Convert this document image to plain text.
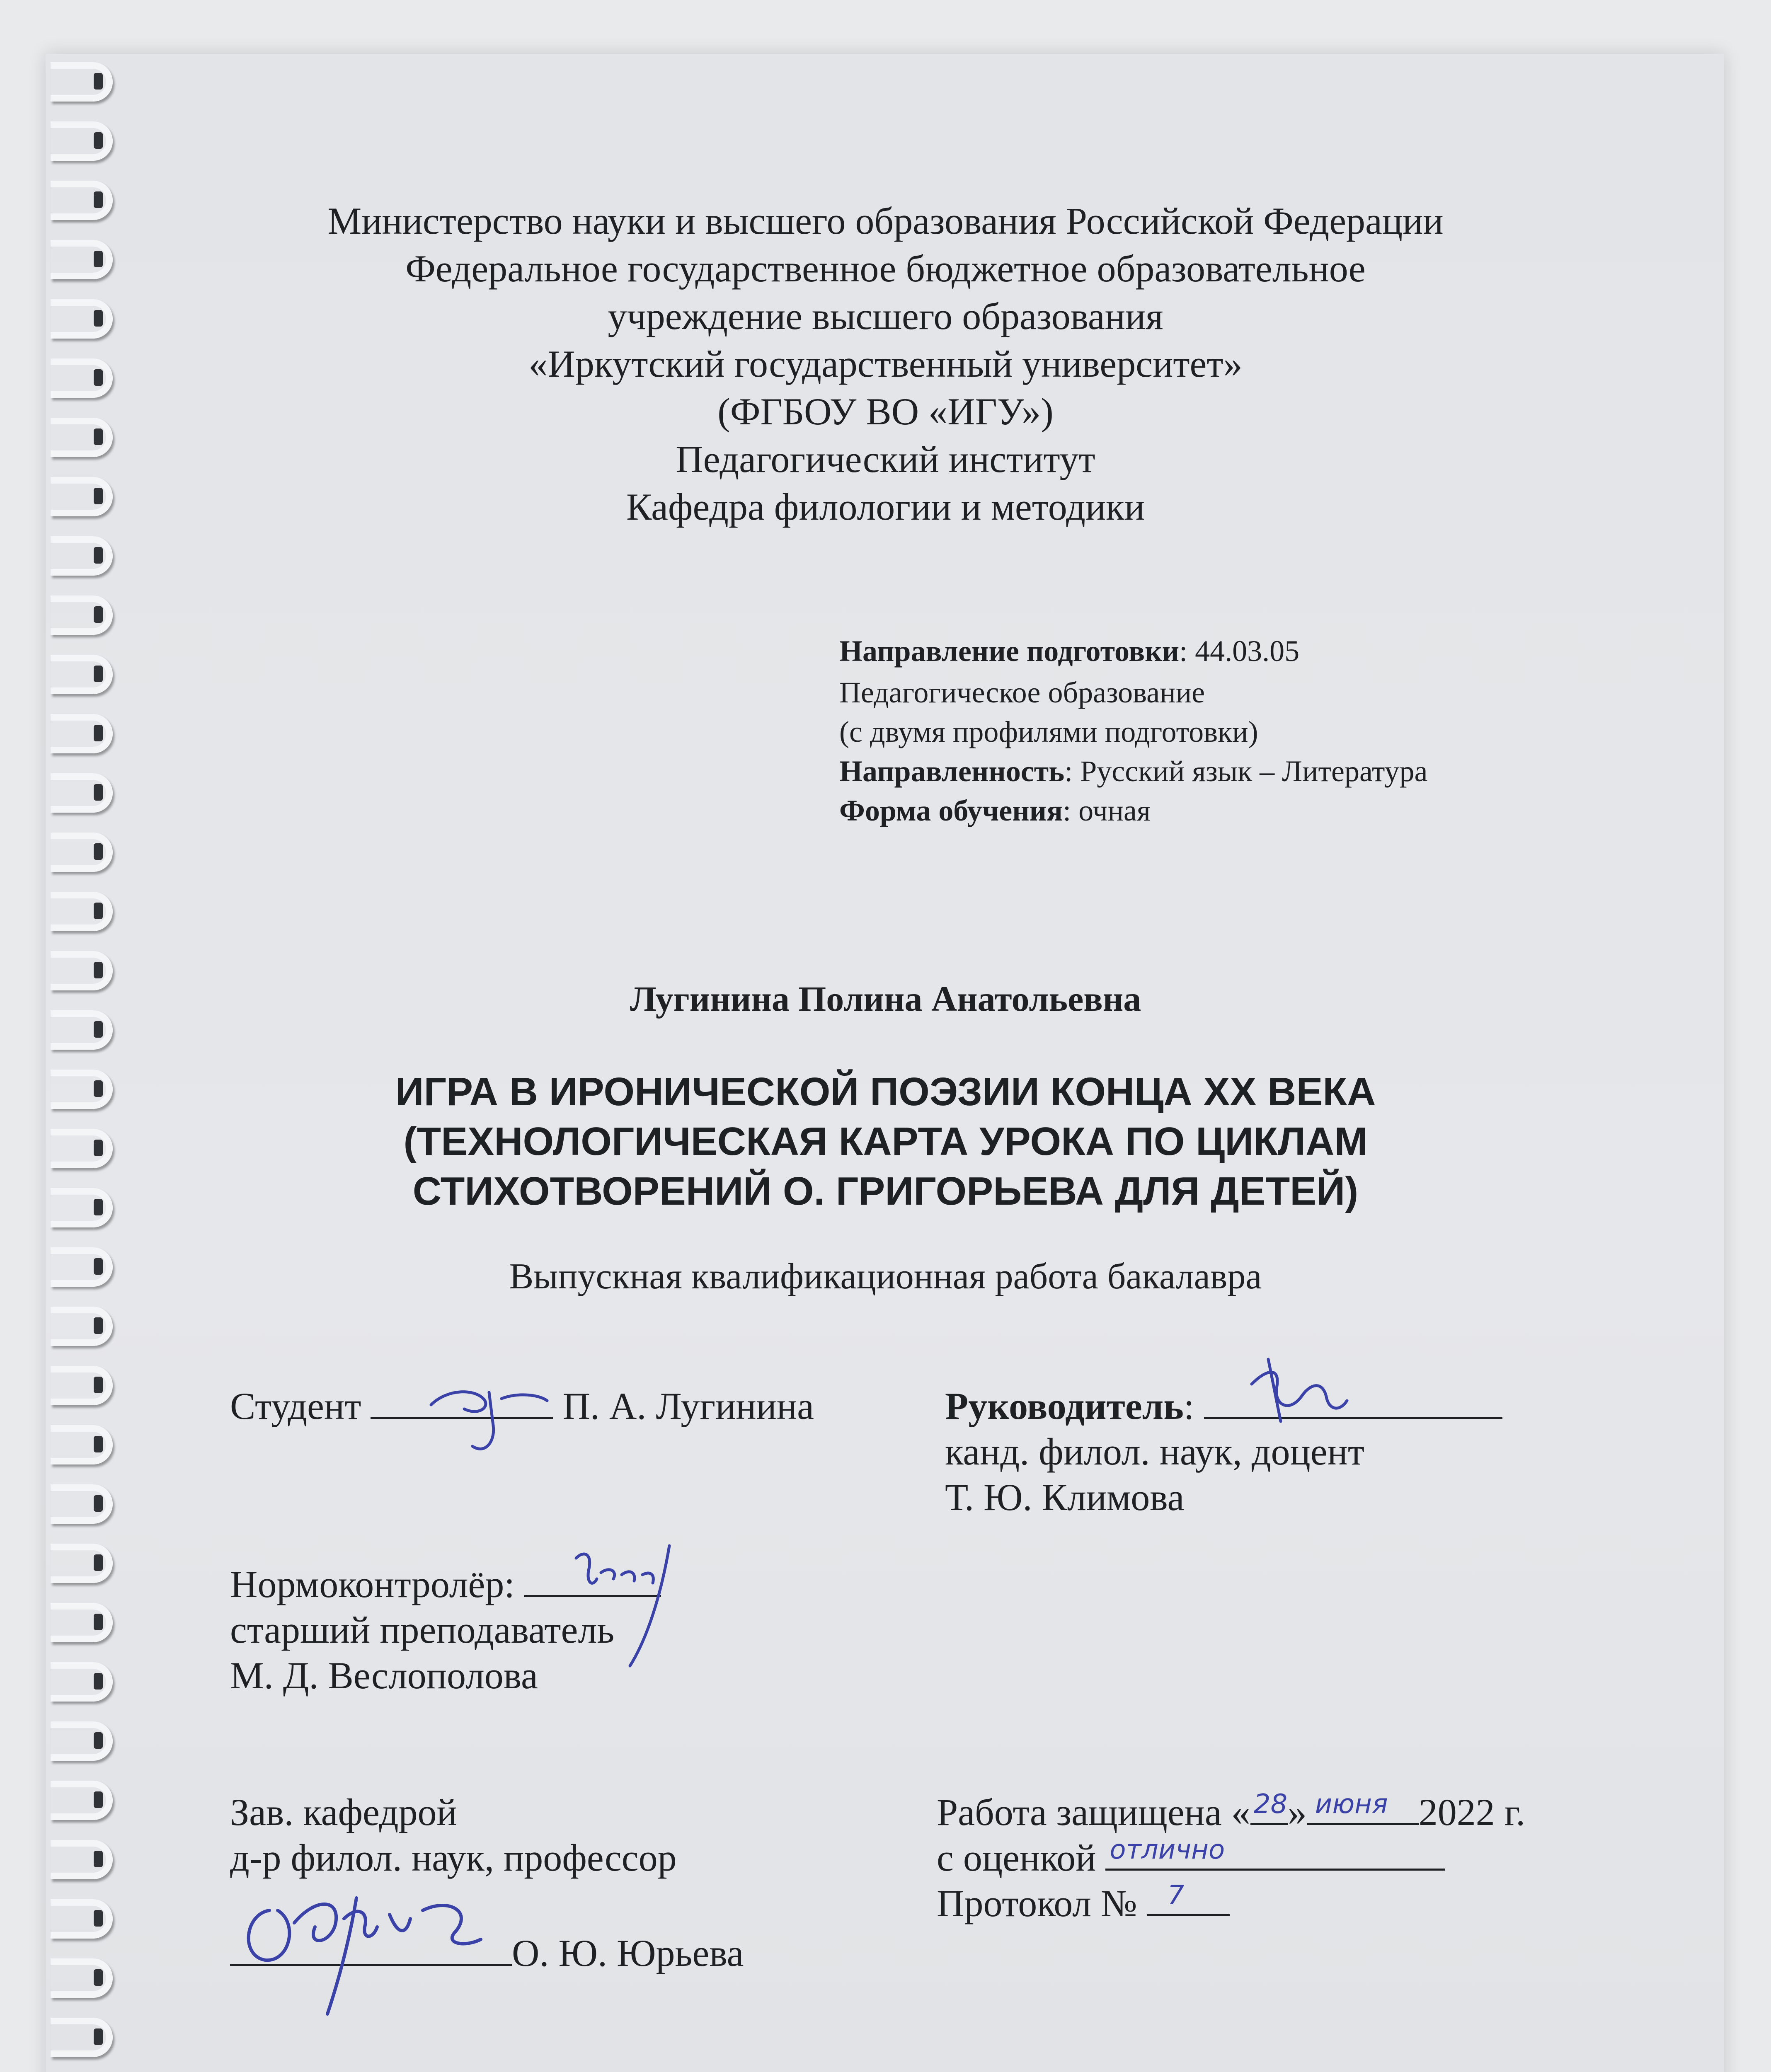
Министерство науки и высшего образования Российской Федерации
Федеральное государственное бюджетное образовательное
учреждение высшего образования
«Иркутский государственный университет»
(ФГБОУ ВО «ИГУ»)
Педагогический институт
Кафедра филологии и методики
Направление подготовки: 44.03.05
Педагогическое образование
(с двумя профилями подготовки)
Направленность: Русский язык – Литература
Форма обучения: очная
Лугинина Полина Анатольевна
ИГРА В ИРОНИЧЕСКОЙ ПОЭЗИИ КОНЦА XX ВЕКА
(ТЕХНОЛОГИЧЕСКАЯ КАРТА УРОКА ПО ЦИКЛАМ
СТИХОТВОРЕНИЙ О. ГРИГОРЬЕВА ДЛЯ ДЕТЕЙ)
Выпускная квалификационная работа бакалавра
Студент	П. А. Лугинина	Руководитель:
канд. филол. наук, доцент
Т. Ю. Климова
Нормоконтролёр:
старший преподаватель
М. Д. Веслополова
Зав. кафедрой
д-р филол. наук, профессор
О. Ю. Юрьева
Работа защищена « 28 » июня 2022 г.
с оценкой отлично
Протокол № 7
